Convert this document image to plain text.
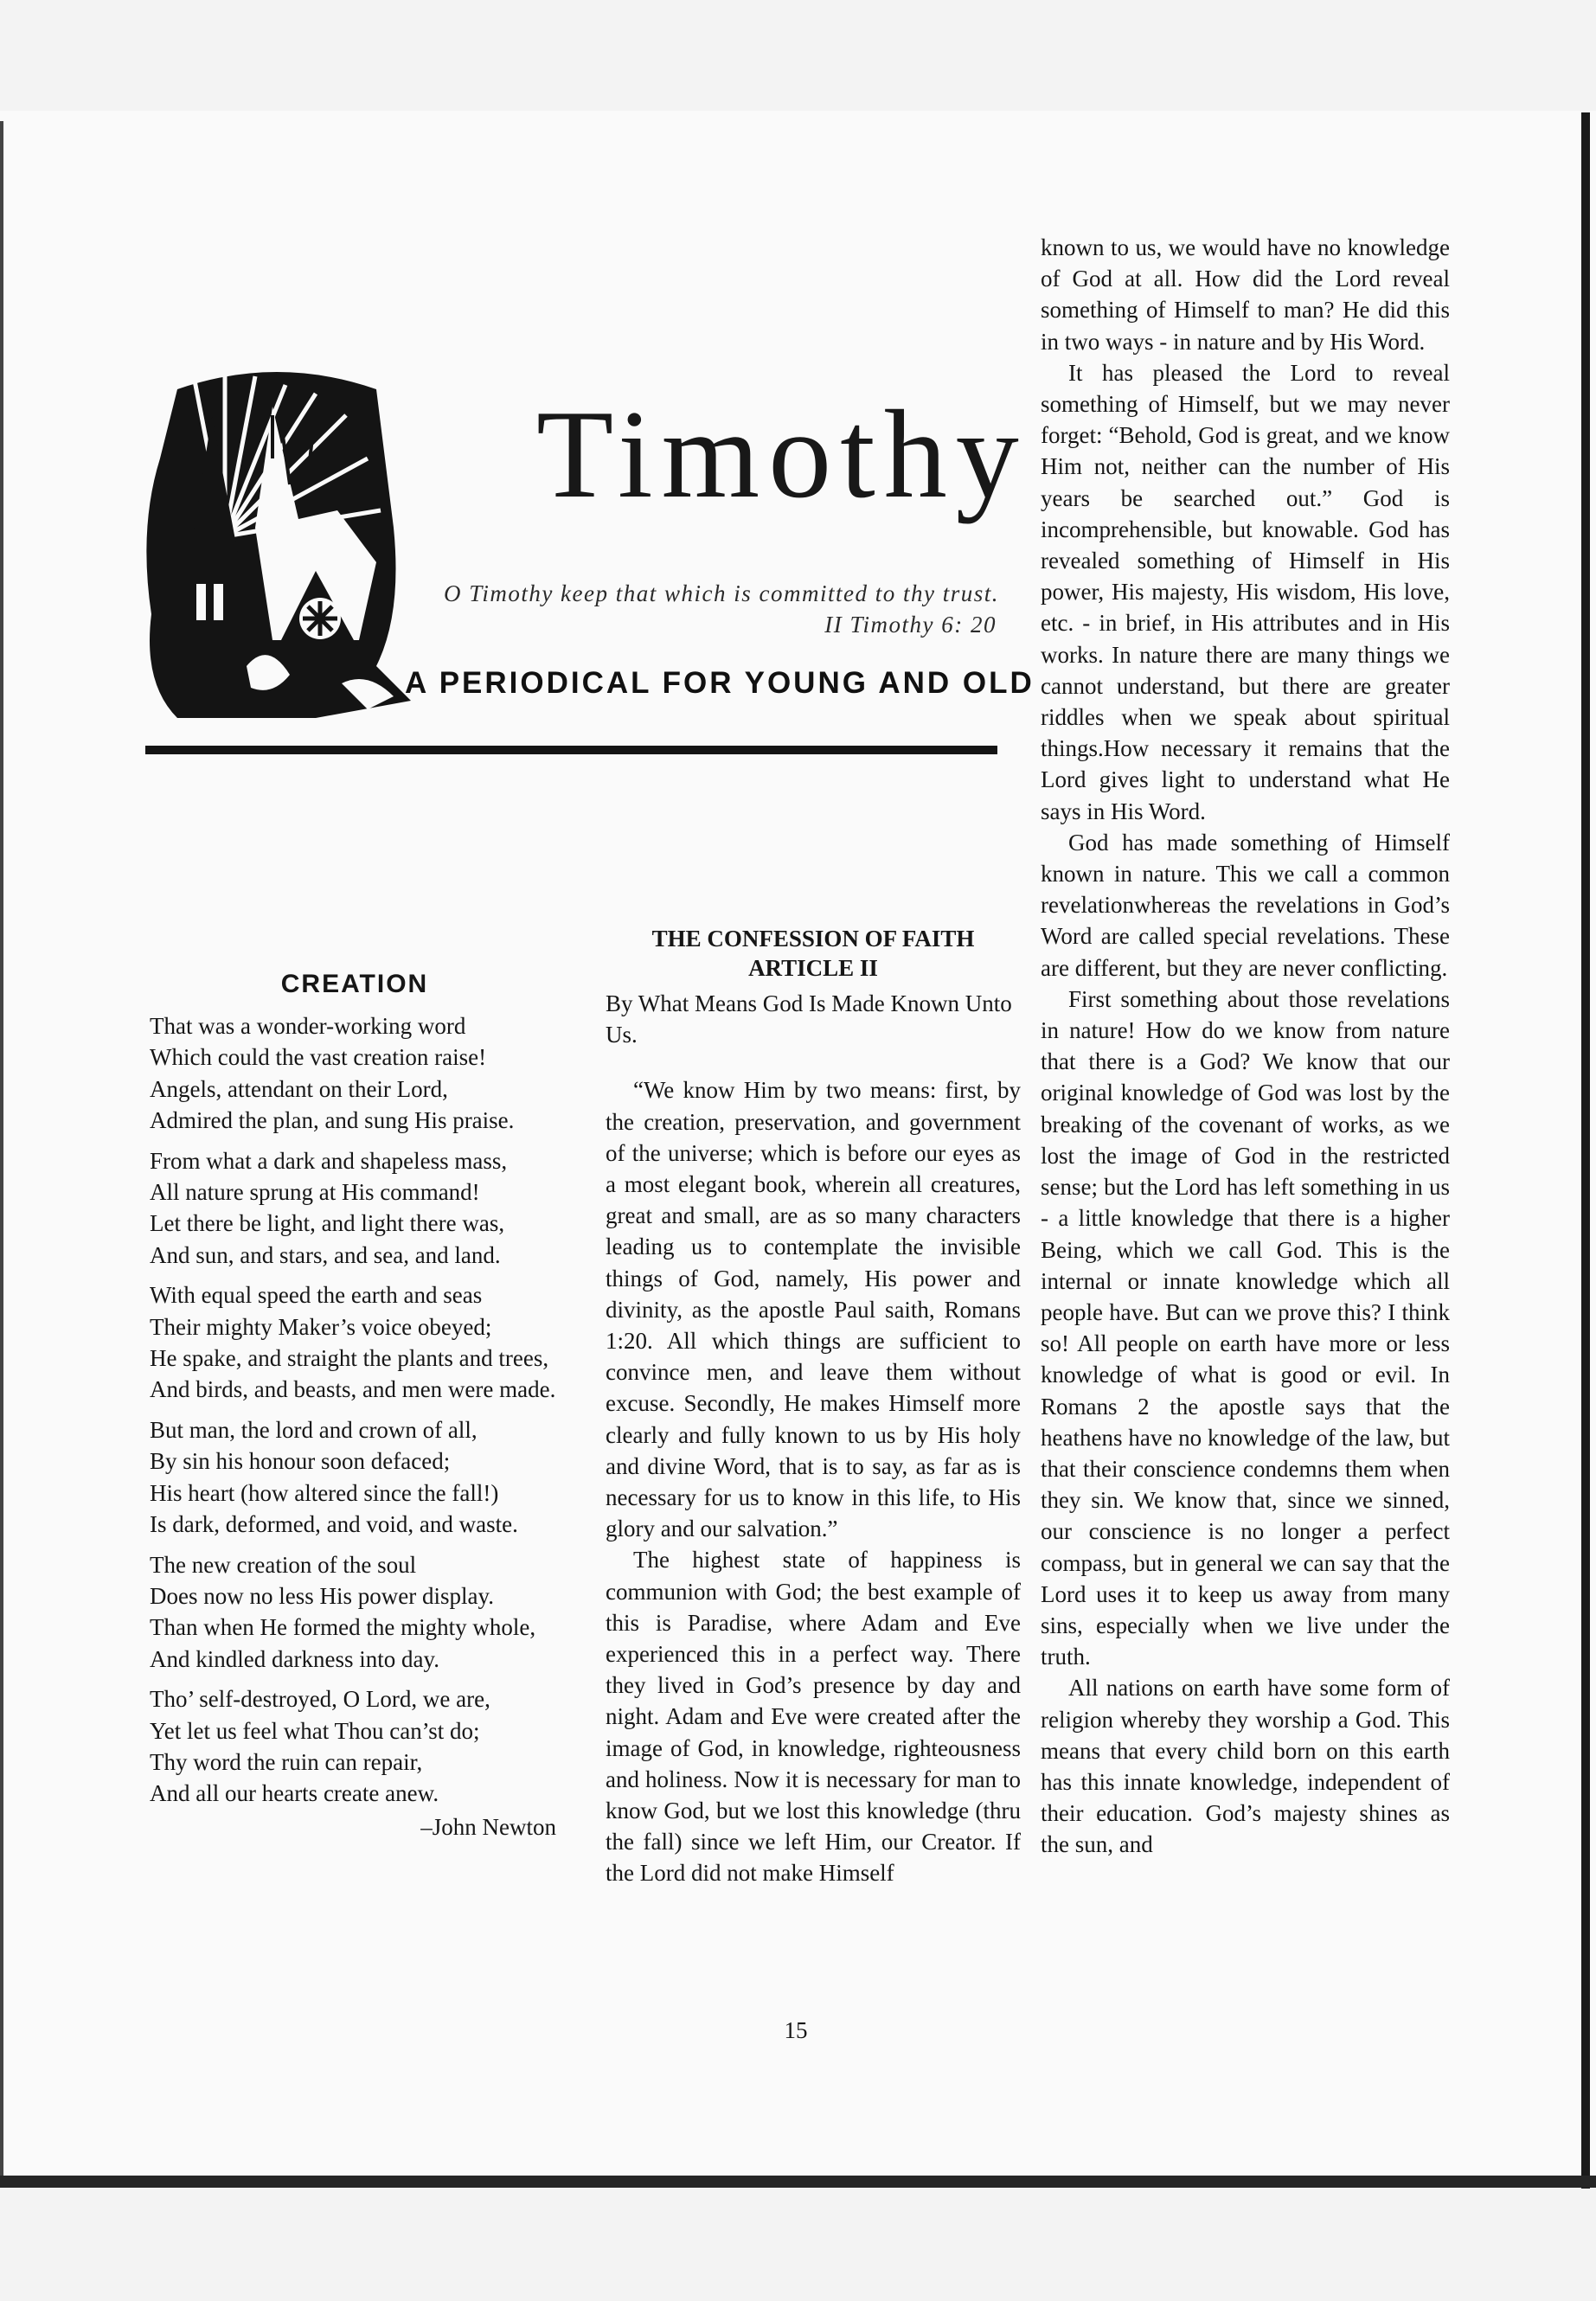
Timothy
O Timothy keep that which is committed to thy trust.
II Timothy 6: 20
A PERIODICAL FOR YOUNG AND OLD
CREATION
That was a wonder-working word
Which could the vast creation raise!
Angels, attendant on their Lord,
Admired the plan, and sung His praise.
From what a dark and shapeless mass,
All nature sprung at His command!
Let there be light, and light there was,
And sun, and stars, and sea, and land.
With equal speed the earth and seas
Their mighty Maker’s voice obeyed;
He spake, and straight the plants and trees,
And birds, and beasts, and men were made.
But man, the lord and crown of all,
By sin his honour soon defaced;
His heart (how altered since the fall!)
Is dark, deformed, and void, and waste.
The new creation of the soul
Does now no less His power display.
Than when He formed the mighty whole,
And kindled darkness into day.
Tho’ self-destroyed, O Lord, we are,
Yet let us feel what Thou can’st do;
Thy word the ruin can repair,
And all our hearts create anew.
–John Newton
THE CONFESSION OF FAITH
ARTICLE II
By What Means God Is Made Known Unto Us.

“We know Him by two means: first, by the creation, preservation, and government of the universe; which is before our eyes as a most elegant book, wherein all creatures, great and small, are as so many characters leading us to contemplate the invisible things of God, namely, His power and divinity, as the apostle Paul saith, Romans 1:20. All which things are sufficient to convince men, and leave them without excuse. Secondly, He makes Himself more clearly and fully known to us by His holy and divine Word, that is to say, as far as is necessary for us to know in this life, to His glory and our salvation.”

The highest state of happiness is communion with God; the best example of this is Paradise, where Adam and Eve experienced this in a perfect way. There they lived in God’s presence by day and night. Adam and Eve were created after the image of God, in knowledge, righteousness and holiness. Now it is necessary for man to know God, but we lost this knowledge (thru the fall) since we left Him, our Creator. If the Lord did not make Himself

known to us, we would have no knowledge of God at all. How did the Lord reveal something of Himself to man? He did this in two ways - in nature and by His Word.

It has pleased the Lord to reveal something of Himself, but we may never forget: “Behold, God is great, and we know Him not, neither can the number of His years be searched out.” God is incomprehensible, but knowable. God has revealed something of Himself in His power, His majesty, His wisdom, His love, etc. - in brief, in His attributes and in His works. In nature there are many things we cannot understand, but there are greater riddles when we speak about spiritual things.How necessary it remains that the Lord gives light to understand what He says in His Word.

God has made something of Himself known in nature. This we call a common revelationwhereas the revelations in God’s Word are called special revelations. These are different, but they are never conflicting.

First something about those revelations in nature! How do we know from nature that there is a God? We know that our original knowledge of God was lost by the breaking of the covenant of works, as we lost the image of God in the restricted sense; but the Lord has left something in us - a little knowledge that there is a higher Being, which we call God. This is the internal or innate knowledge which all people have. But can we prove this? I think so! All people on earth have more or less knowledge of what is good or evil. In Romans 2 the apostle says that the heathens have no knowledge of the law, but that their conscience condemns them when they sin. We know that, since we sinned, our conscience is no longer a perfect compass, but in general we can say that the Lord uses it to keep us away from many sins, especially when we live under the truth.

All nations on earth have some form of religion whereby they worship a God. This means that every child born on this earth has this innate knowledge, independent of their education. God’s majesty shines as the sun, and

15
